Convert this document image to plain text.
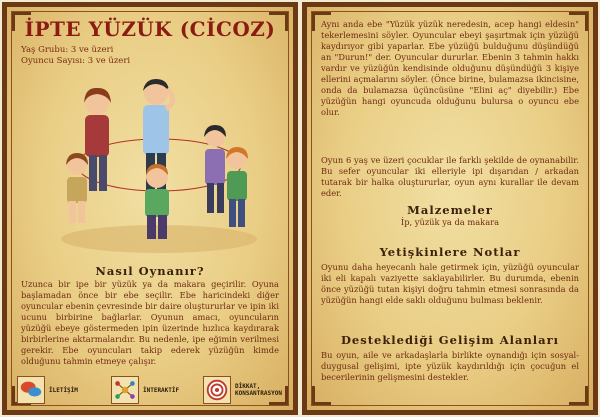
İPTE YÜZÜK (CİCOZ)
Yaş Grubu: 3 ve üzeri
Oyuncu Sayısı: 3 ve üzeri
Nasıl Oynanır?

Uzunca bir ipe bir yüzük ya da makara geçirilir. Oyuna başlamadan önce bir ebe seçilir. Ebe haricindeki diğer oyuncular ebenin çevresinde bir daire oluştururlar ve ipin iki ucunu birbirine bağlarlar. Oyunun amacı, oyuncuların yüzüğü ebeye göstermeden ipin üzerinde hızlıca kaydırarak birbirlerine aktarmalarıdır. Bu nedenle, ipe eğimin verilmesi gerekir. Ebe oyuncuları takip ederek yüzüğün kimde olduğunu tahmin etmeye çalışır.

İLETİŞİM	İNTERAKTİF	DİKKAT, KONSANTRASYON

Aynı anda ebe "Yüzük yüzük neredesin, acep hangi eldesin" tekerlemesini söyler. Oyuncular ebeyi şaşırtmak için yüzüğü kaydırıyor gibi yaparlar. Ebe yüzüğü bulduğunu düşündüğü an "Durun!" der. Oyuncular dururlar. Ebenin 3 tahmin hakkı vardır ve yüzüğün kendisinde olduğunu düşündüğü 3 kişiye ellerini açmalarını söyler. (Önce birine, bulamazsa ikincisine, onda da bulamazsa üçüncüsüne "Elini aç" diyebilir.) Ebe yüzüğün hangi oyuncuda olduğunu bulursa o oyuncu ebe olur.

Oyun 6 yaş ve üzeri çocuklar ile farklı şekilde de oynanabilir. Bu sefer oyuncular iki elleriyle ipi dışarıdan / arkadan tutarak bir halka oluştururlar, oyun aynı kurallar ile devam eder.

Malzemeler

İp, yüzük ya da makara

Yetişkinlere Notlar

Oyunu daha heyecanlı hale getirmek için, yüzüğü oyuncular iki eli kapalı vaziyette saklayabilirler. Bu durumda, ebenin önce yüzüğü tutan kişiyi doğru tahmin etmesi sonrasında da yüzüğün hangi elde saklı olduğunu bulması beklenir.

Desteklediği Gelişim Alanları

Bu oyun, aile ve arkadaşlarla birlikte oynandığı için sosyal-duygusal gelişimi, ipte yüzük kaydırıldığı için çocuğun el becerilerinin gelişmesini destekler.
